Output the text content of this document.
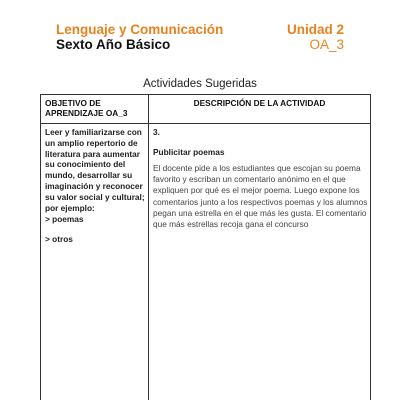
Lenguaje y Comunicación
Sexto Año Básico
Unidad 2
OA_3
Actividades Sugeridas
OBJETIVO DE APRENDIZAJE OA_3
DESCRIPCIÓN DE LA ACTIVIDAD
Leer y familiarizarse con un amplio repertorio de literatura para aumentar su conocimiento del mundo, desarrollar su imaginación y reconocer su valor social y cultural; por ejemplo:
> poemas
> otros
3.
Publicitar poemas
El docente pide a los estudiantes que escojan su poema favorito y escriban un comentario anónimo en el que expliquen por qué es el mejor poema. Luego expone los comentarios junto a los respectivos poemas y los alumnos pegan una estrella en el que más les gusta. El comentario que más estrellas recoja gana el concurso
